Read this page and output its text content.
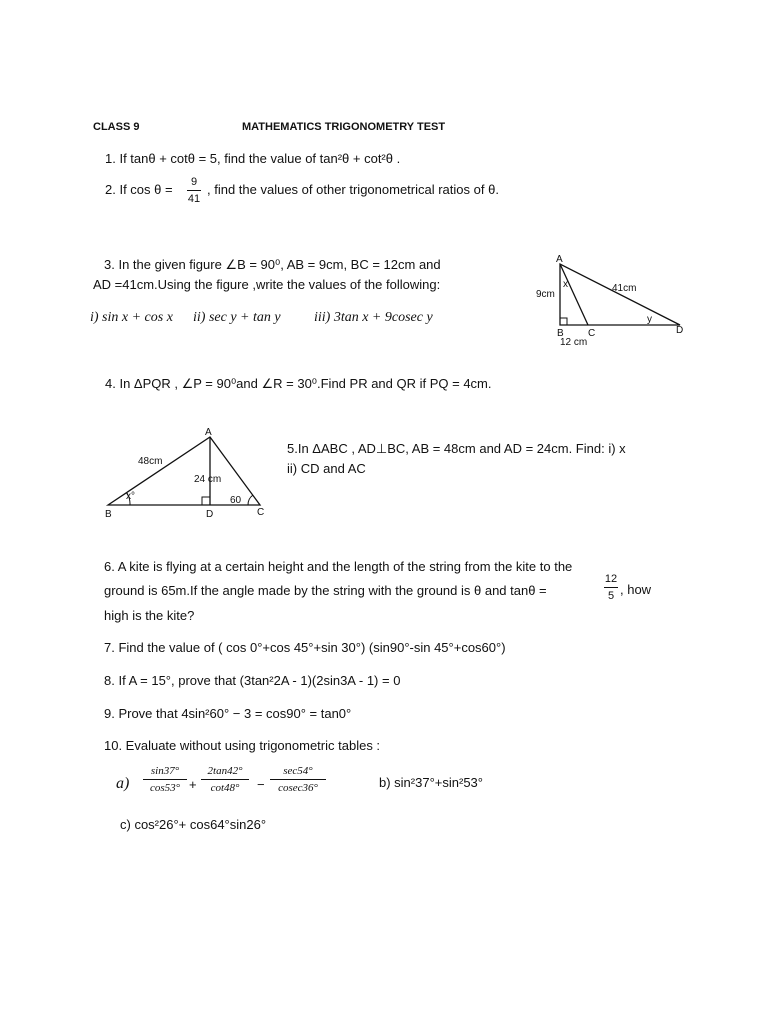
CLASS 9	MATHEMATICS TRIGONOMETRY TEST
1. If tanθ + cotθ = 5, find the value of tan²θ + cot²θ .
2. If cos θ =	9
41
, find the values of other trigonometrical ratios of θ.
3. In the given figure ∠B = 90⁰, AB = 9cm, BC = 12cm and
AD =41cm.Using the figure ,write the values of the following:
i) sin x + cos x ii) sec y + tan y iii) 3tan x + 9cosec y
A
B C	D
9cm
41cm
12 cm
x
y
4. In ΔPQR , ∠P = 90⁰and ∠R = 30⁰.Find PR and QR if PQ = 4cm.
A
B	D	C
48cm
24 cm
x°	60
5.In ΔABC , AD⊥BC, AB = 48cm and AD = 24cm. Find: i) x
ii) CD and AC
6. A kite is flying at a certain height and the length of the string from the kite to the
ground is 65m.If the angle made by the string with the ground is θ and tanθ =
12
5 , how
high is the kite?
7. Find the value of ( cos 0°+cos 45°+sin 30°) (sin90°-sin 45°+cos60°)
8. If A = 15°, prove that (3tan²2A - 1)(2sin3A - 1) = 0
9. Prove that 4sin²60° − 3 = cos90° = tan0°
10. Evaluate without using trigonometric tables :
a)
sin37°
cos53° +
2tan42°
cot48°	−
sec54°
cosec36°	b) sin²37°+sin²53°
c) cos²26°+ cos64°sin26°
